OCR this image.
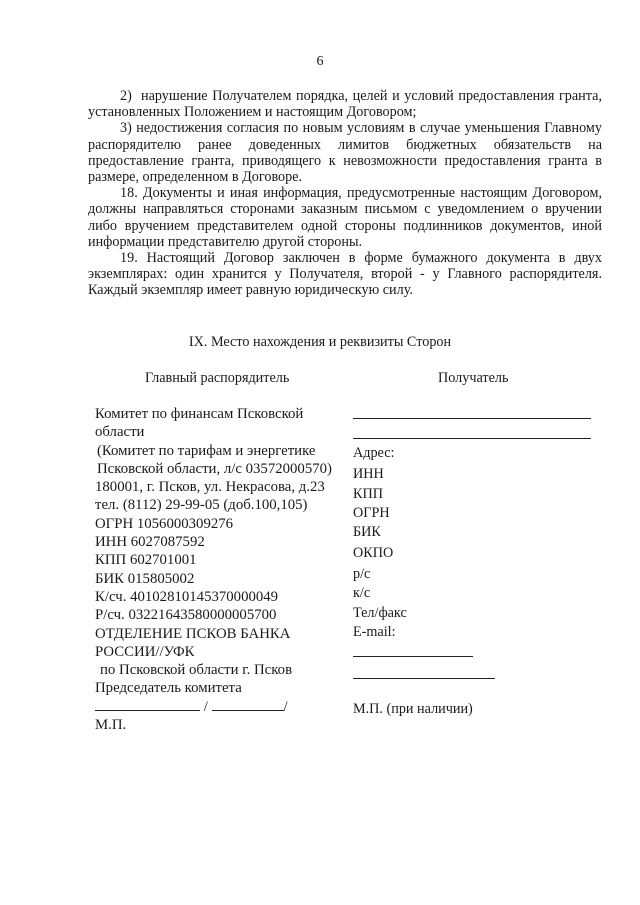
6

2)  нарушение Получателем порядка, целей и условий предоставления гранта, установленных Положением и настоящим Договором;

3) недостижения согласия по новым условиям в случае уменьшения Главному распорядителю ранее доведенных лимитов бюджетных обязательств на предоставление гранта, приводящего к невозможности предоставления гранта в размере, определенном в Договоре.

18. Документы и иная информация, предусмотренные настоящим Договором, должны направляться сторонами заказным письмом с уведомлением о вручении либо вручением представителем одной стороны подлинников документов, иной информации представителю другой стороны.

19. Настоящий Договор заключен в форме бумажного документа в двух экземплярах: один хранится у Получателя, второй - у Главного распорядителя. Каждый экземпляр имеет равную юридическую силу.

IX. Место нахождения и реквизиты Сторон
Главный распорядитель	Получатель
Комитет по финансам Псковской
области
(Комитет по тарифам и энергетике
Псковской области, л/с 03572000570)
180001, г. Псков, ул. Некрасова, д.23
тел. (8112) 29-99-05 (доб.100,105)
ОГРН 1056000309276
ИНН 6027087592
КПП 602701001
БИК 015805002
К/сч. 40102810145370000049
Р/сч. 03221643580000005700
ОТДЕЛЕНИЕ ПСКОВ БАНКА
РОССИИ//УФК
по Псковской области г. Псков
Председатель комитета
/	/
М.П.
Адрес:
ИНН
КПП
ОГРН
БИК
ОКПО
р/с
к/с
Тел/факс
E-mail:
М.П. (при наличии)
